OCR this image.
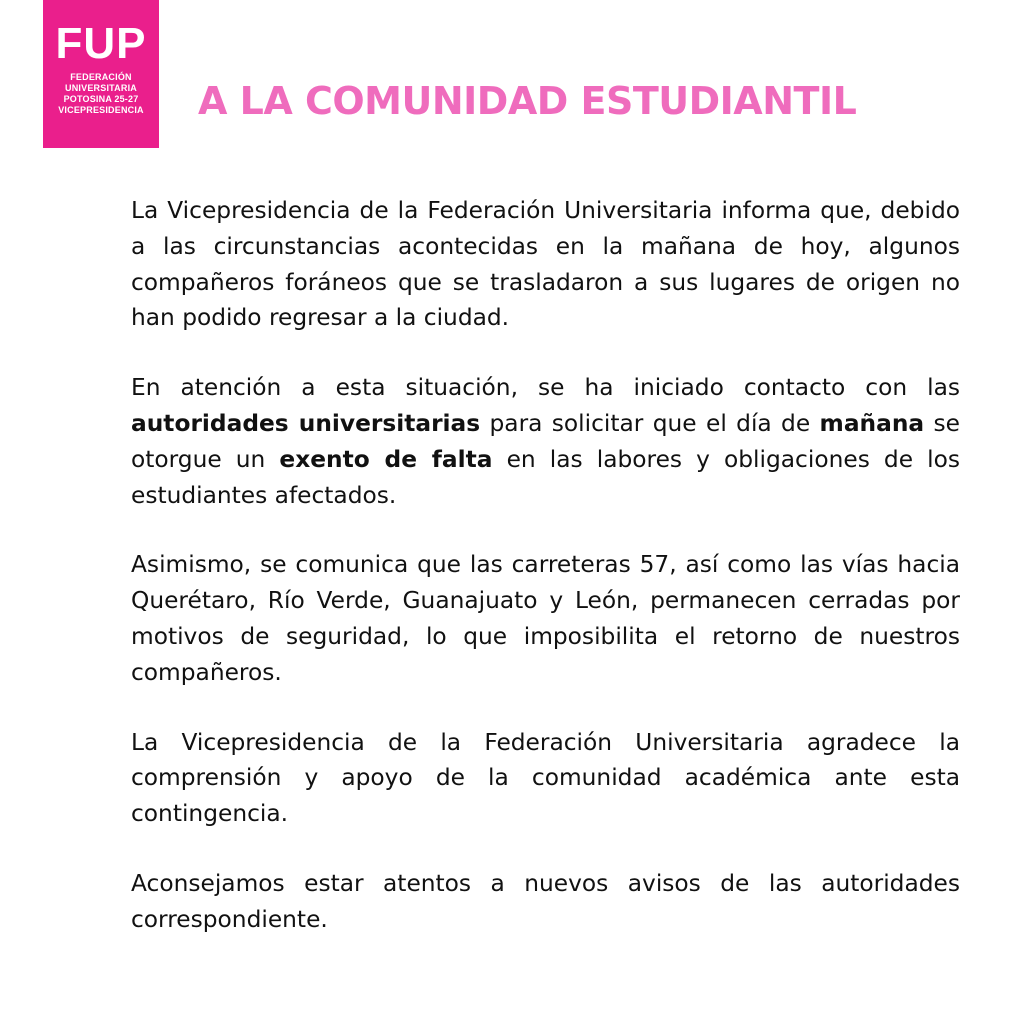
FUP
FEDERACIÓN
UNIVERSITARIA
POTOSINA 25-27
VICEPRESIDENCIA	A LA COMUNIDAD ESTUDIANTIL

La Vicepresidencia de la Federación Universitaria informa que, debido a las circunstancias acontecidas en la mañana de hoy, algunos compañeros foráneos que se trasladaron a sus lugares de origen no han podido regresar a la ciudad.

En atención a esta situación, se ha iniciado contacto con las autoridades universitarias para solicitar que el día de mañana se otorgue un exento de falta en las labores y obligaciones de los estudiantes afectados.

Asimismo, se comunica que las carreteras 57, así como las vías hacia Querétaro, Río Verde, Guanajuato y León, permanecen cerradas por motivos de seguridad, lo que imposibilita el retorno de nuestros compañeros.

La Vicepresidencia de la Federación Universitaria agradece la comprensión y apoyo de la comunidad académica ante esta contingencia.

Aconsejamos estar atentos a nuevos avisos de las autoridades correspondiente.
